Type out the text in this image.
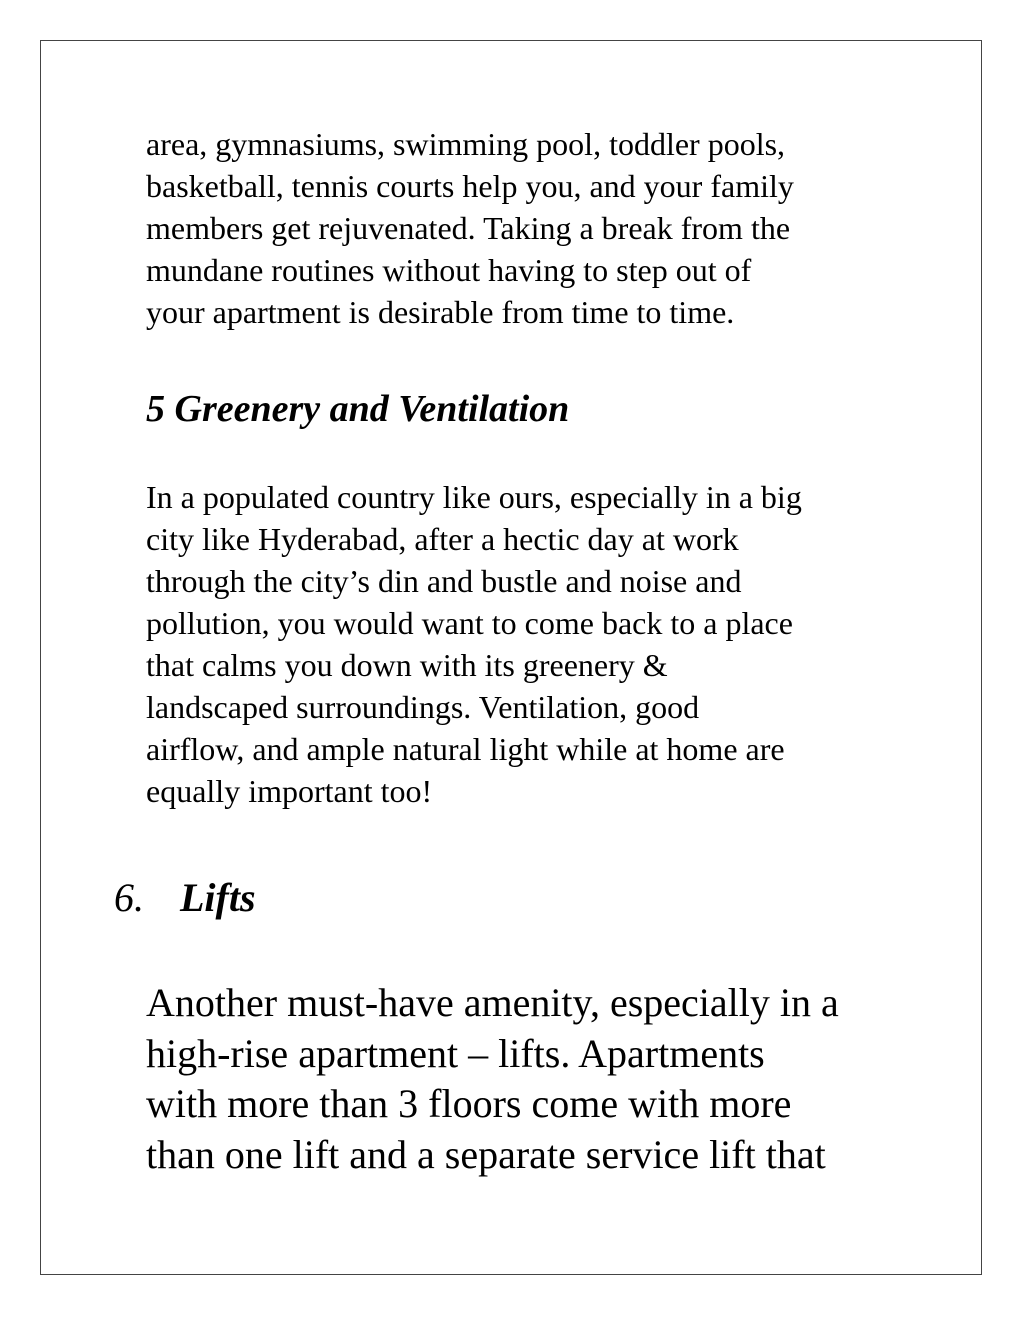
area, gymnasiums, swimming pool, toddler pools,
basketball, tennis courts help you, and your family
members get rejuvenated. Taking a break from the
mundane routines without having to step out of
your apartment is desirable from time to time.

5 Greenery and Ventilation

In a populated country like ours, especially in a big
city like Hyderabad, after a hectic day at work
through the city’s din and bustle and noise and
pollution, you would want to come back to a place
that calms you down with its greenery &
landscaped surroundings. Ventilation, good
airflow, and ample natural light while at home are
equally important too!

6. Lifts

Another must-have amenity, especially in a
high-rise apartment – lifts. Apartments
with more than 3 floors come with more
than one lift and a separate service lift that
